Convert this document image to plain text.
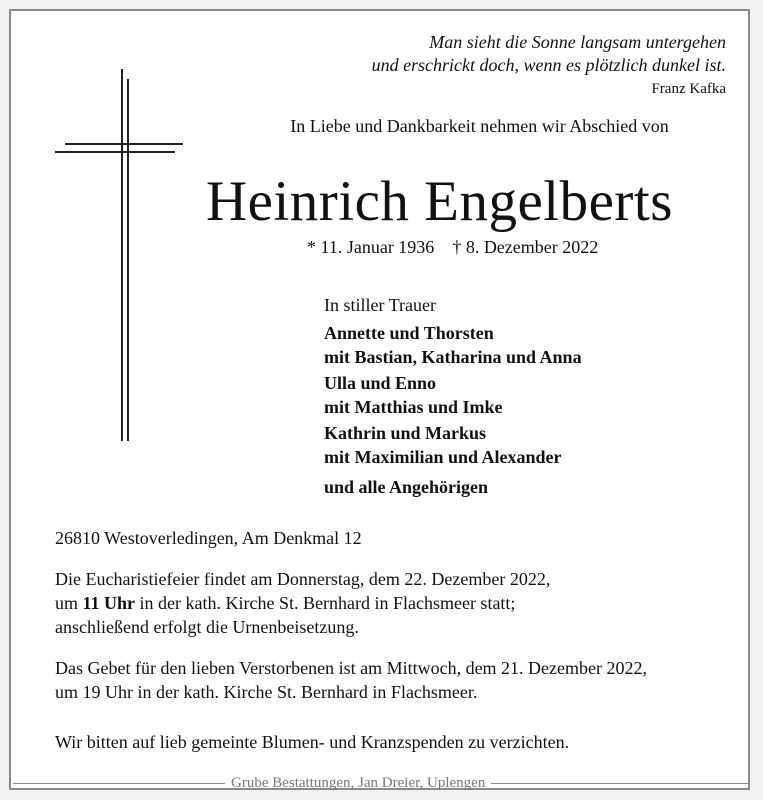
Man sieht die Sonne langsam untergehen
und erschrickt doch, wenn es plötzlich dunkel ist.
Franz Kafka
In Liebe und Dankbarkeit nehmen wir Abschied von
Heinrich Engelberts
* 11. Januar 1936 † 8. Dezember 2022
In stiller Trauer
Annette und Thorsten
mit Bastian, Katharina und Anna
Ulla und Enno
mit Matthias und Imke
Kathrin und Markus
mit Maximilian und Alexander
und alle Angehörigen
26810 Westoverledingen, Am Denkmal 12
Die Eucharistiefeier findet am Donnerstag, dem 22. Dezember 2022,
um 11 Uhr in der kath. Kirche St. Bernhard in Flachsmeer statt;
anschließend erfolgt die Urnenbeisetzung.
Das Gebet für den lieben Verstorbenen ist am Mittwoch, dem 21. Dezember 2022,
um 19 Uhr in der kath. Kirche St. Bernhard in Flachsmeer.
Wir bitten auf lieb gemeinte Blumen- und Kranzspenden zu verzichten.
Grube Bestattungen, Jan Dreier, Uplengen
